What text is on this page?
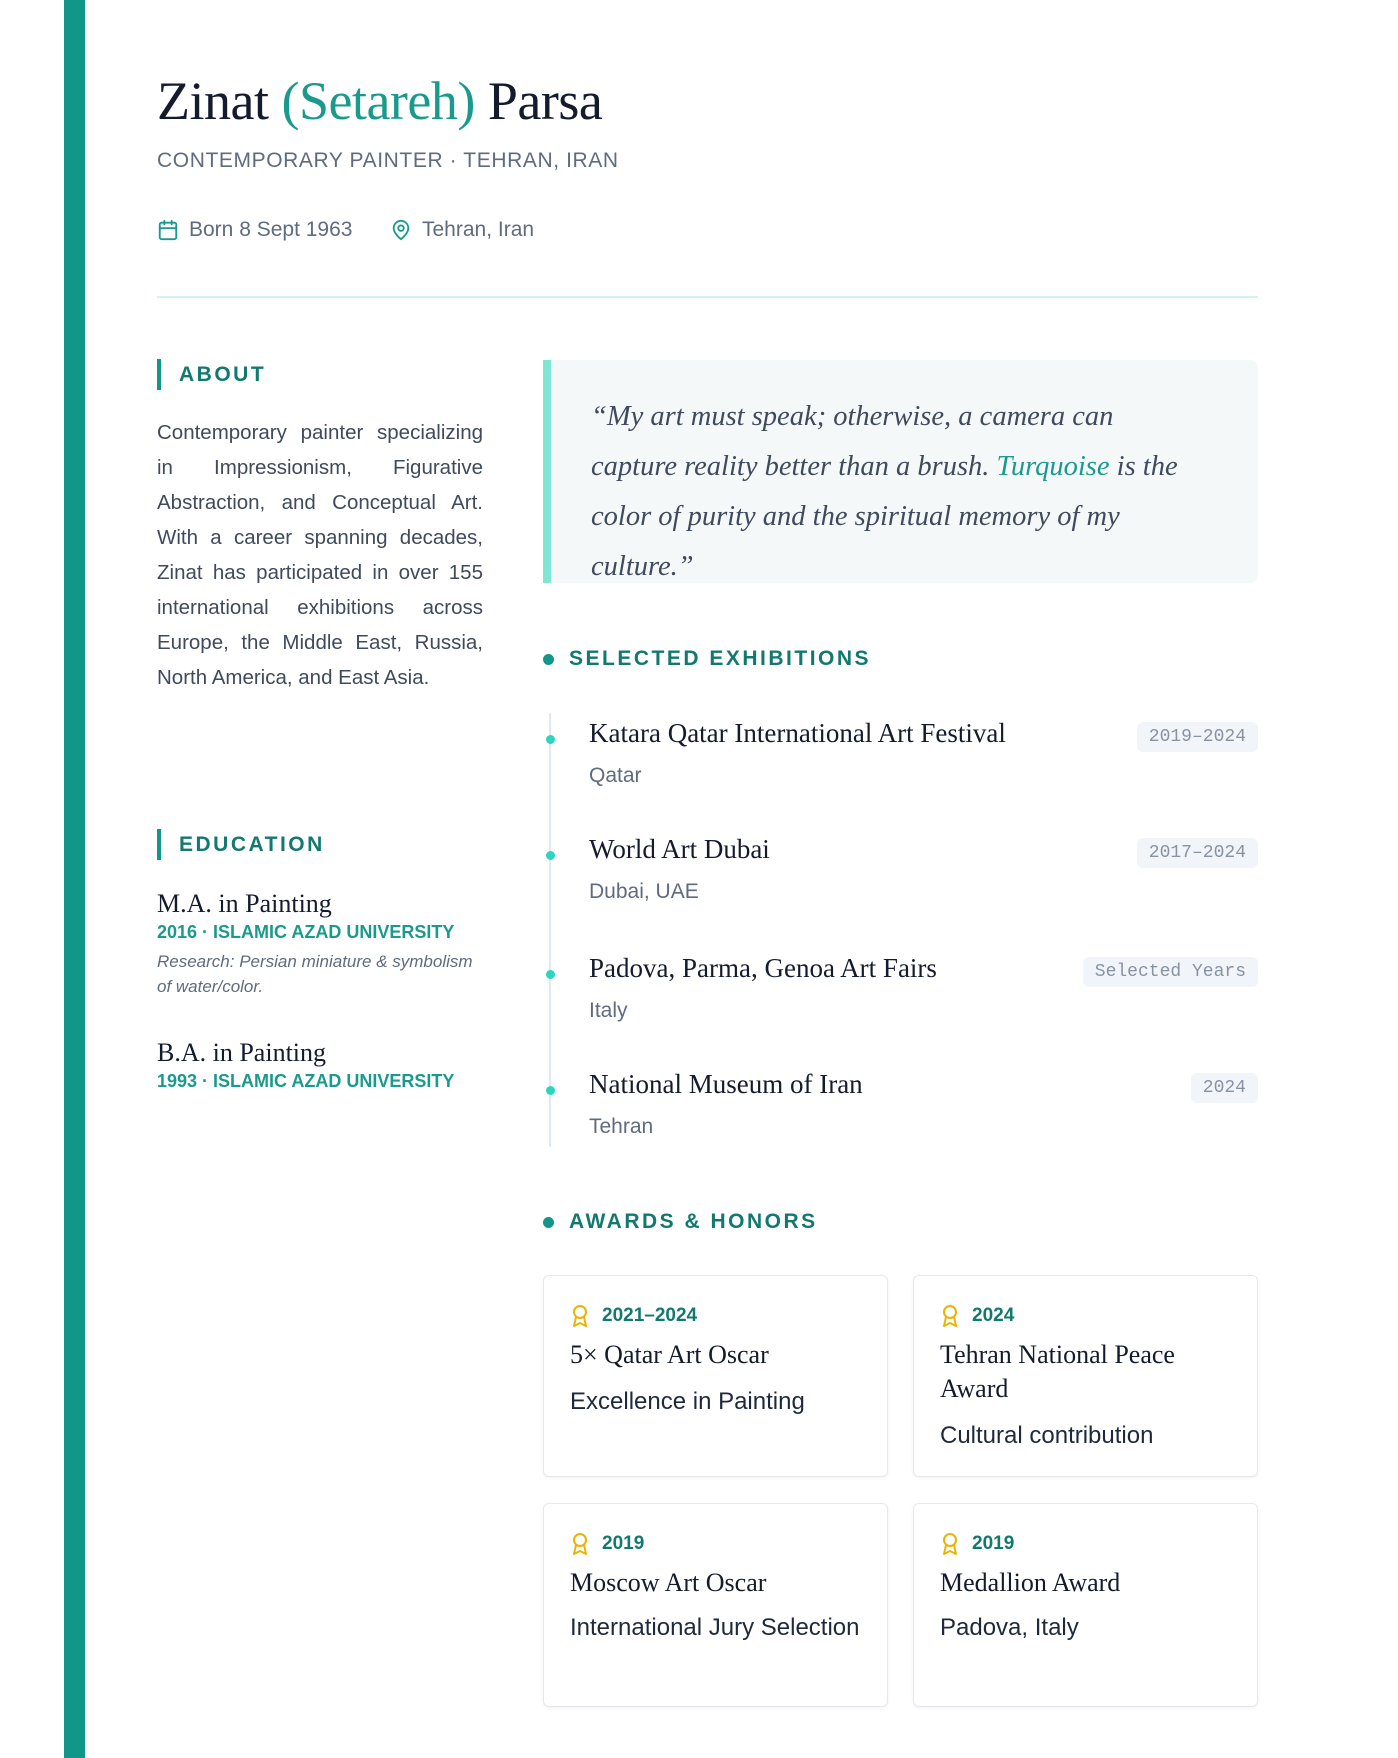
Zinat (Setareh) Parsa
CONTEMPORARY PAINTER · TEHRAN, IRAN
Born 8 Sept 1963	Tehran, Iran
ABOUT

Contemporary painter specializing in Impressionism, Figurative Abstraction, and Conceptual Art. With a career spanning decades, Zinat has participated in over 155 international exhibitions across Europe, the Middle East, Russia, North America, and East Asia.

EDUCATION
M.A. in Painting
2016 · ISLAMIC AZAD UNIVERSITY
Research: Persian miniature & symbolism of water/color.
B.A. in Painting
1993 · ISLAMIC AZAD UNIVERSITY

“My art must speak; otherwise, a camera can capture reality better than a brush. Turquoise is the color of purity and the spiritual memory of my culture.”

SELECTED EXHIBITIONS
Katara Qatar International Art Festival
Qatar
2019–2024
World Art Dubai
Dubai, UAE
2017–2024
Padova, Parma, Genoa Art Fairs
Italy
Selected Years
National Museum of Iran
Tehran
2024
AWARDS & HONORS
2021–2024
5× Qatar Art Oscar
Excellence in Painting
2024
Tehran National Peace Award
Cultural contribution
2019
Moscow Art Oscar
International Jury Selection
2019
Medallion Award
Padova, Italy
